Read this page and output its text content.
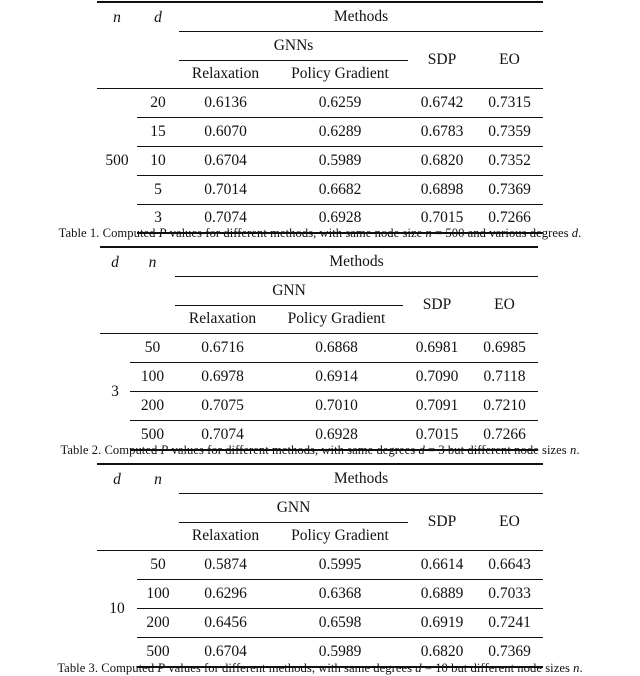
n	d	Methods			
		GNNs		SDP	EO
		Relaxation	Policy Gradient		
500	20	0.6136	0.6259	0.6742	0.7315
	15	0.6070	0.6289	0.6783	0.7359
	10	0.6704	0.5989	0.6820	0.7352
	5	0.7014	0.6682	0.6898	0.7369
	3	0.7074	0.6928	0.7015	0.7266
Table 1. Computed P values for different methods, with same node size n = 500 and various degrees d.
d	n	Methods			
		GNN		SDP	EO
		Relaxation	Policy Gradient		
3	50	0.6716	0.6868	0.6981	0.6985
	100	0.6978	0.6914	0.7090	0.7118
	200	0.7075	0.7010	0.7091	0.7210
	500	0.7074	0.6928	0.7015	0.7266
Table 2. Computed P values for different methods, with same degrees d = 3 but different node sizes n.
d	n	Methods			
		GNN		SDP	EO
		Relaxation	Policy Gradient		
10	50	0.5874	0.5995	0.6614	0.6643
	100	0.6296	0.6368	0.6889	0.7033
	200	0.6456	0.6598	0.6919	0.7241
	500	0.6704	0.5989	0.6820	0.7369
Table 3. Computed P values for different methods, with same degrees d = 10 but different node sizes n.
